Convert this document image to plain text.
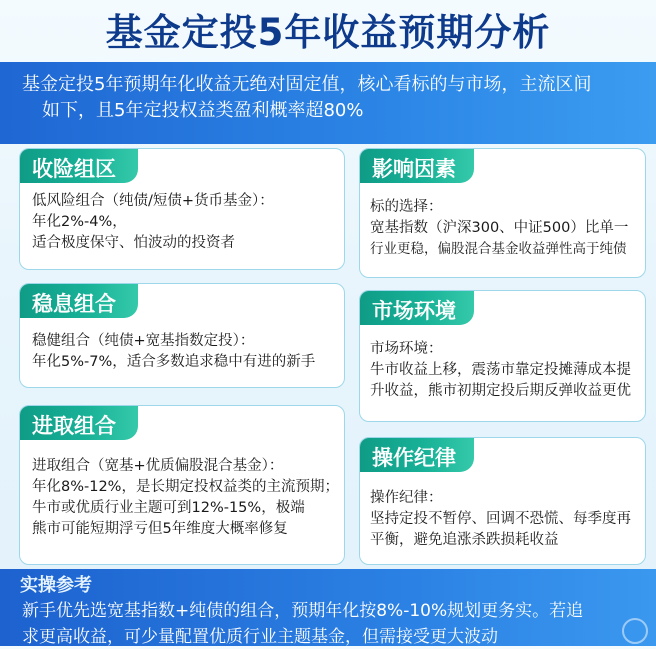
基金定投5年收益预期分析
基金定投5年预期年化收益无绝对固定值，核心看标的与市场，主流区间
如下，且5年定投权益类盈利概率超80%
收险组区
低风险组合（纯债/短债+货币基金）：
年化2%-4%，
适合极度保守、怕波动的投资者
稳息组合
稳健组合（纯债+宽基指数定投）：
年化5%-7%，适合多数追求稳中有进的新手
进取组合
进取组合（宽基+优质偏股混合基金）：
年化8%-12%，是长期定投权益类的主流预期；
牛市或优质行业主题可到12%-15%，极端
熊市可能短期浮亏但5年维度大概率修复
影响因素
标的选择：
宽基指数（沪深300、中证500）比单一
行业更稳，偏股混合基金收益弹性高于纯债
市场环境
市场环境：
牛市收益上移，震荡市靠定投摊薄成本提
升收益，熊市初期定投后期反弹收益更优
操作纪律
操作纪律：
坚持定投不暂停、回调不恐慌、每季度再
平衡，避免追涨杀跌损耗收益
实操参考
新手优先选宽基指数+纯债的组合，预期年化按8%-10%规划更务实。若追
求更高收益，可少量配置优质行业主题基金，但需接受更大波动
